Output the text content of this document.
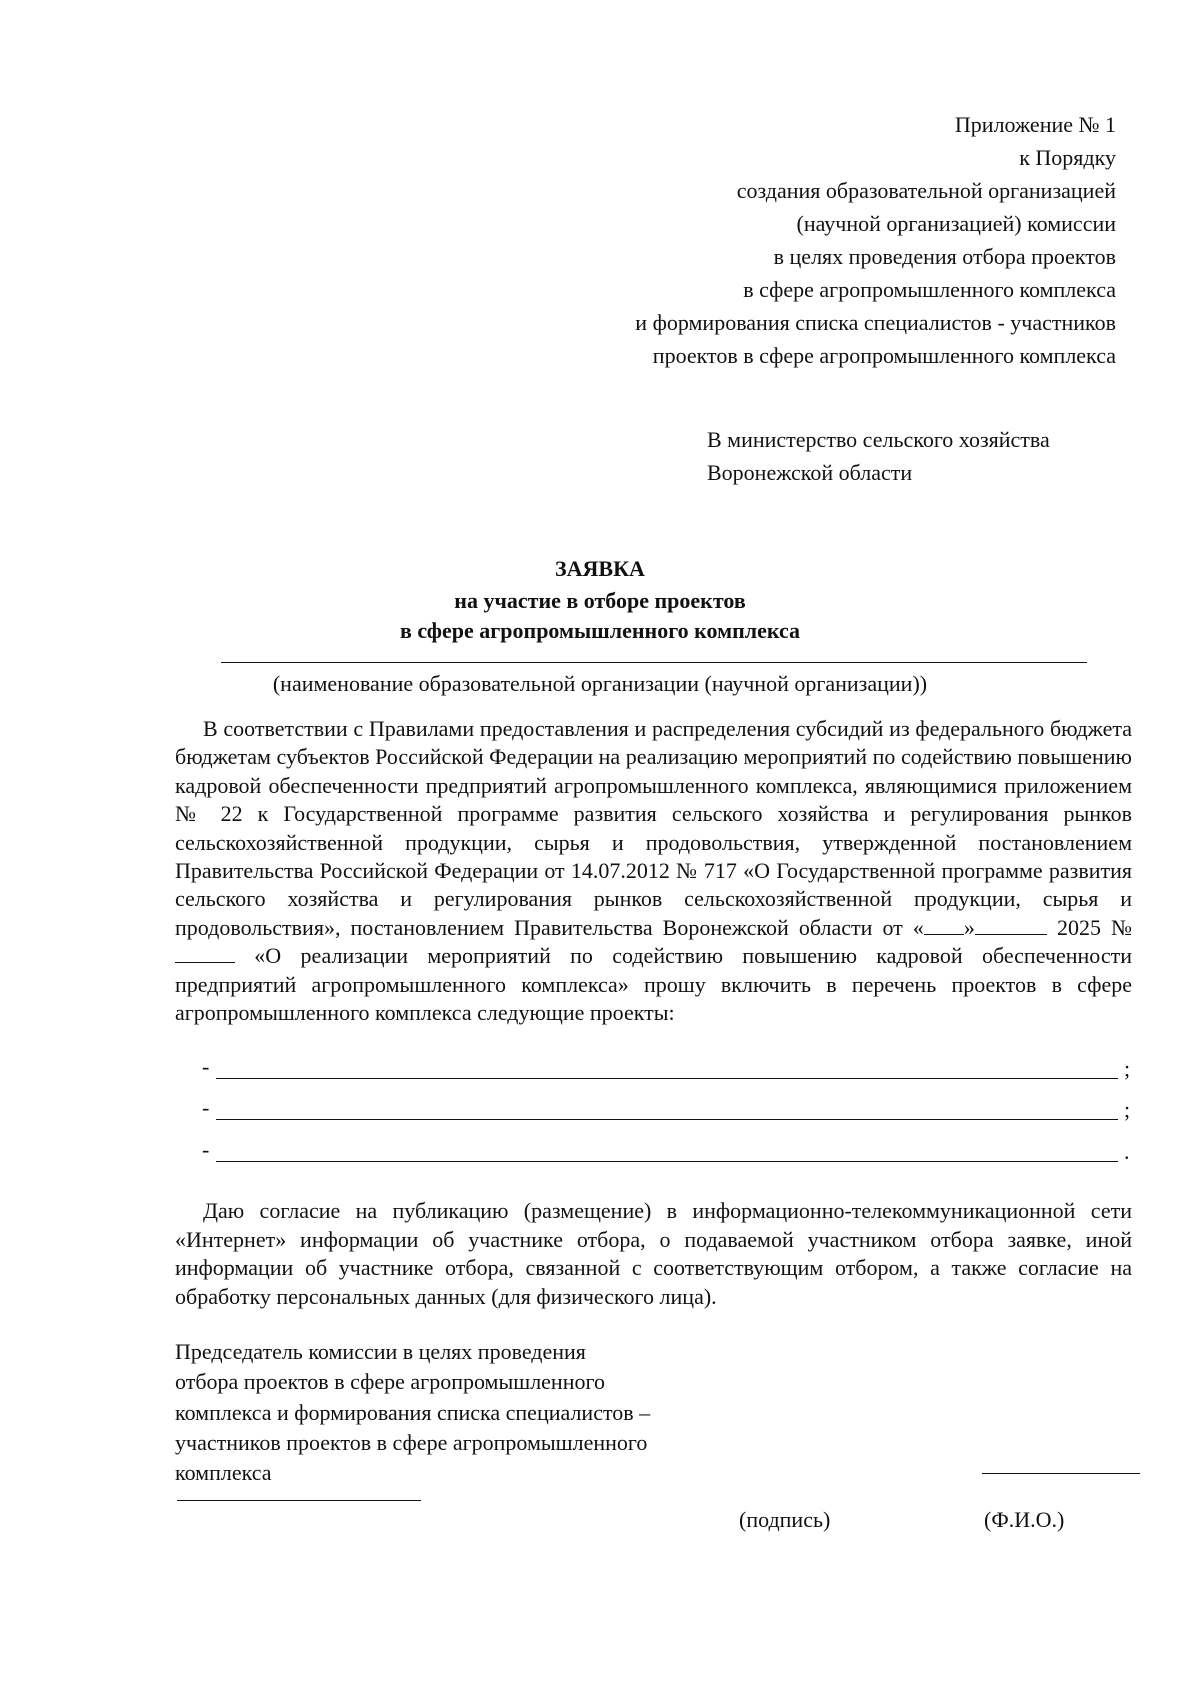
Приложение № 1
к Порядку
создания образовательной организацией
(научной организацией) комиссии
в целях проведения отбора проектов
в сфере агропромышленного комплекса
и формирования списка специалистов - участников
проектов в сфере агропромышленного комплекса
В министерство сельского хозяйства
Воронежской области
ЗАЯВКА
на участие в отборе проектов
в сфере агропромышленного комплекса
(наименование образовательной организации (научной организации))

В соответствии с Правилами предоставления и распределения субсидий из федерального бюджета бюджетам субъектов Российской Федерации на реализацию мероприятий по содействию повышению кадровой обеспеченности предприятий агропромышленного комплекса, являющимися приложением № 22 к Государственной программе развития сельского хозяйства и регулирования рынков сельскохозяйственной продукции, сырья и продовольствия, утвержденной постановлением Правительства Российской Федерации от 14.07.2012 № 717 «О Государственной программе развития сельского хозяйства и регулирования рынков сельскохозяйственной продукции, сырья и продовольствия», постановлением Правительства Воронежской области от « »	2025 № «О реализации мероприятий по содействию повышению кадровой обеспеченности предприятий агропромышленного комплекса» прошу включить в перечень проектов в сфере агропромышленного комплекса следующие проекты:

-	;
-	;
-	.

Даю согласие на публикацию (размещение) в информационно-телекоммуникационной сети «Интернет» информации об участнике отбора, о подаваемой участником отбора заявке, иной информации об участнике отбора, связанной с соответствующим отбором, а также согласие на обработку персональных данных (для физического лица).

Председатель комиссии в целях проведения
отбора проектов в сфере агропромышленного
комплекса и формирования списка специалистов –
участников проектов в сфере агропромышленного
комплекса
(подпись)	(Ф.И.О.)
